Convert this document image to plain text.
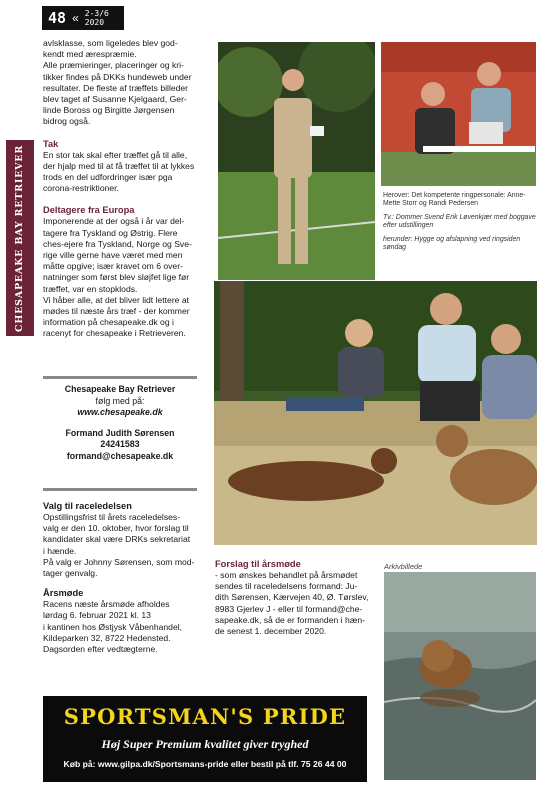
48 « 2-3/6 2020
CHESAPEAKE BAY RETRIEVER

avlsklasse, som ligeledes blev god-

kendt med ærespræmie.

Alle præmieringer, placeringer og kri-

tikker findes på DKKs hundeweb under

resultater. De fleste af træffets billeder

blev taget af Susanne Kjelgaard, Ger-

linde Boross og Birgitte Jørgensen

bidrog også.

Tak

En stor tak skal efter træffet gå til alle,

der hjalp med til at få træffet til at lykkes

trods en del udfordringer især pga

corona-restriktioner.

Deltagere fra Europa

Imponerende at der også i år var del-

tagere fra Tyskland og Østrig. Flere

ches-ejere fra Tyskland, Norge og Sve-

rige ville gerne have været med men

måtte opgive; især kravet om 6 over-

natninger som først blev sløjfet lige før

træffet, var en stopklods.

Vi håber alle, at det bliver lidt lettere at

mødes til næste års træf - der kommer

information på chesapeake.dk og i

racenyt for chesapeake i Retrieveren.

Chesapeake Bay Retriever

følg med på:

www.chesapeake.dk

Formand Judith Sørensen

24241583

formand@chesapeake.dk

Valg til raceledelsen

Opstillingsfrist til årets raceledelses-

valg er den 10. oktober, hvor forslag til

kandidater skal være DRKs sekretariat

i hænde.

På valg er Johnny Sørensen, som mod-

tager genvalg.

Årsmøde

Racens næste årsmøde afholdes

lørdag 6. februar 2021 kl. 13

i kantinen hos Østjysk Våbenhandel,

Kildeparken 32, 8722 Hedensted.

Dagsorden efter vedtægterne.

Herover: Det kompetente ringpersonale: Anne-Mette Storr og Randi Pedersen

Tv.: Dommer Svend Erik Løvenkjær med boggave efter udstillingen

herunder: Hygge og afslapning ved ringsiden søndag

Forslag til årsmøde

- som ønskes behandlet på årsmødet

sendes til raceledelsens formand: Ju-

dith Sørensen, Kærvejen 40, Ø. Tørslev,

8983 Gjerlev J - eller til formand@che-

sapeake.dk, så de er formanden i hæn-

de senest 1. december 2020.

Arkivbillede
SPORTSMAN'S PRIDE
Høj Super Premium kvalitet giver tryghed
Køb på: www.gilpa.dk/Sportsmans-pride eller bestil på tlf. 75 26 44 00
